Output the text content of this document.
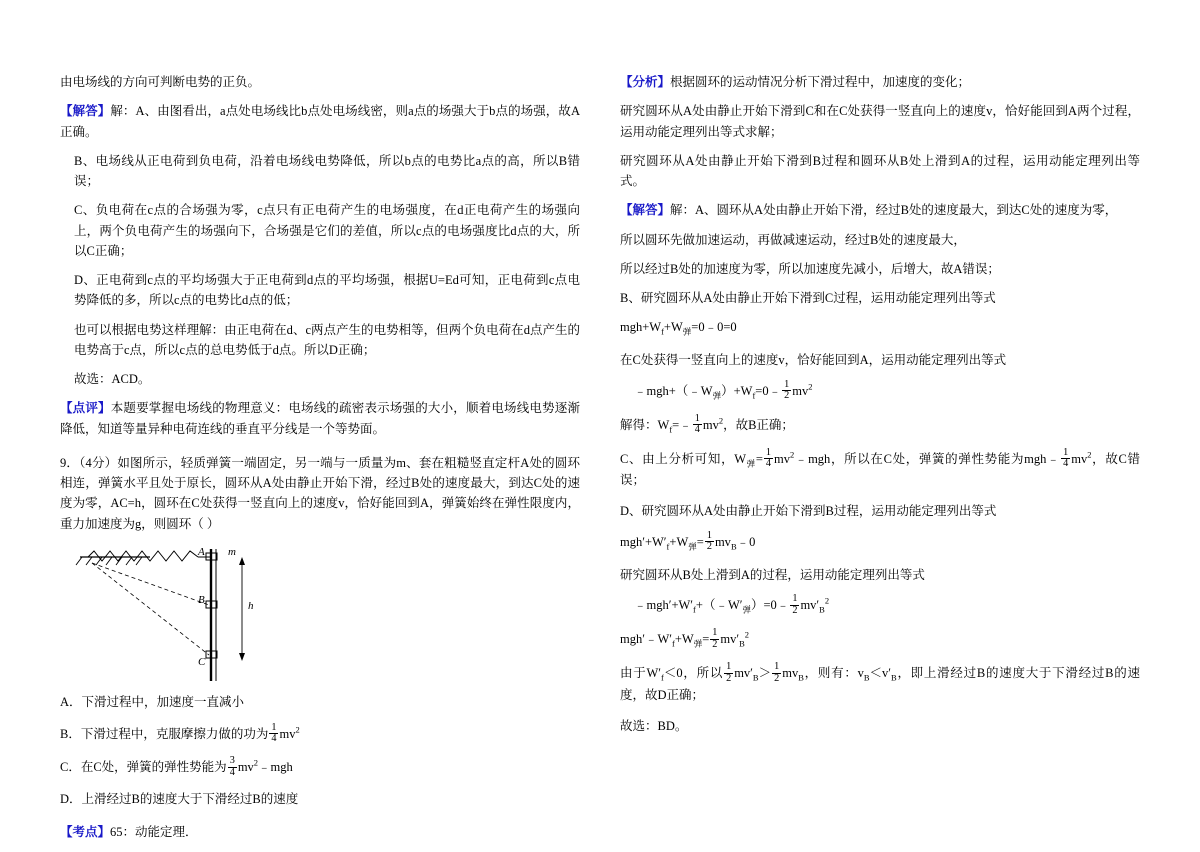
由电场线的方向可判断电势的正负。

【解答】解：A、由图看出，a点处电场线比b点处电场线密，则a点的场强大于b点的场强，故A正确。

B、电场线从正电荷到负电荷，沿着电场线电势降低，所以b点的电势比a点的高，所以B错误；

C、负电荷在c点的合场强为零，c点只有正电荷产生的电场强度，在d正电荷产生的场强向上，两个负电荷产生的场强向下，合场强是它们的差值，所以c点的电场强度比d点的大，所以C正确；

D、正电荷到c点的平均场强大于正电荷到d点的平均场强，根据U=Ed可知，正电荷到c点电势降低的多，所以c点的电势比d点的低；

也可以根据电势这样理解：由正电荷在d、c两点产生的电势相等，但两个负电荷在d点产生的电势高于c点，所以c点的总电势低于d点。所以D正确；

故选：ACD。

【点评】本题要掌握电场线的物理意义：电场线的疏密表示场强的大小，顺着电场线电势逐渐降低，知道等量异种电荷连线的垂直平分线是一个等势面。

9．（4分）如图所示，轻质弹簧一端固定，另一端与一质量为m、套在粗糙竖直定杆A处的圆环相连，弹簧水平且处于原长，圆环从A处由静止开始下滑，经过B处的速度最大，到达C处的速度为零，AC=h，圆环在C处获得一竖直向上的速度v，恰好能回到A，弹簧始终在弹性限度内，重力加速度为g，则圆环（ ）

A
B
C
m
h

A．下滑过程中，加速度一直减小

B．下滑过程中，克服摩擦力做的功为 $\frac{1}{4} mv^2$

C．在C处，弹簧的弹性势能为 $\frac{3}{4}$ $mv^2﹣mgh$

D．上滑经过B的速度大于下滑经过B的速度

【考点】65：动能定理．

【分析】根据圆环的运动情况分析下滑过程中，加速度的变化；

研究圆环从A处由静止开始下滑到C和在C处获得一竖直向上的速度v，恰好能回到A两个过程，运用动能定理列出等式求解；

研究圆环从A处由静止开始下滑到B过程和圆环从B处上滑到A的过程，运用动能定理列出等式。

【解答】解：A、圆环从A处由静止开始下滑，经过B处的速度最大，到达C处的速度为零，

所以圆环先做加速运动，再做减速运动，经过B处的速度最大，

所以经过B处的加速度为零，所以加速度先减小，后增大，故A错误；

B、研究圆环从A处由静止开始下滑到C过程，运用动能定理列出等式

$mgh+W_f+W_弹=0﹣0=0$

在C处获得一竖直向上的速度v，恰好能回到A，运用动能定理列出等式

$﹣mgh+(﹣W_弹)+W_f=0﹣ \frac{1}{2} mv^2$

解得：$W_f=﹣ \frac{1}{4} mv^2$，故B正确；

C、由上分析可知，$W_弹= \frac{1}{4}$ $mv^2﹣mgh$，所以在C处，弹簧的弹性势能为mgh﹣ $\frac{1}{4} mv^2$，故C错误；

D、研究圆环从A处由静止开始下滑到B过程，运用动能定理列出等式

$mgh'+W'_f+W_弹= \frac{1}{2}$ $mv_B﹣0$

研究圆环从B处上滑到A的过程，运用动能定理列出等式

$﹣mgh'+W'_f+(﹣W'_弹)=0﹣ \frac{1}{2} mv'_B^2$

$mgh'﹣W'_f+W_弹= \frac{1}{2} mv'_B^2$

由于$W'_f<0$，所以 $\frac{1}{2} mv'_B> \frac{1}{2} mv_B$，则有：$v_B<v'_B$，即上滑经过B的速度大于下滑经过B的速度，故D正确；

故选：BD。
